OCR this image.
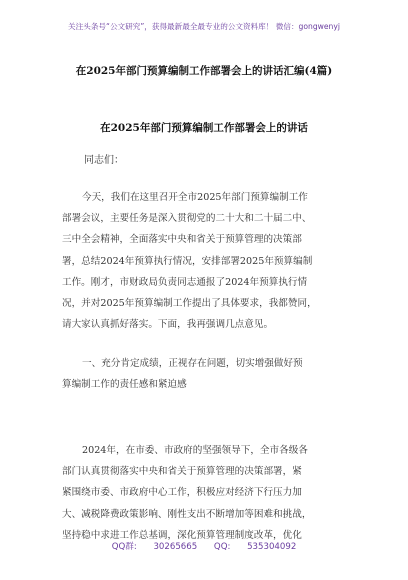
关注头条号“公文研究”，获得最新最全最专业的公文资料库！ 微信：gongwenyj
在2025年部门预算编制工作部署会上的讲话汇编(4篇)
在2025年部门预算编制工作部署会上的讲话
同志们：
今天，我们在这里召开全市2025年部门预算编制工作
部署会议，主要任务是深入贯彻党的二十大和二十届二中、
三中全会精神，全面落实中央和省关于预算管理的决策部
署，总结2024年预算执行情况，安排部署2025年预算编制
工作。刚才，市财政局负责同志通报了2024年预算执行情
况，并对2025年预算编制工作提出了具体要求，我都赞同，
请大家认真抓好落实。下面，我再强调几点意见。
一、充分肯定成绩，正视存在问题，切实增强做好预
算编制工作的责任感和紧迫感
2024年，在市委、市政府的坚强领导下，全市各级各
部门认真贯彻落实中央和省关于预算管理的决策部署，紧
紧围绕市委、市政府中心工作，积极应对经济下行压力加
大、减税降费政策影响、刚性支出不断增加等困难和挑战，
坚持稳中求进工作总基调，深化预算管理制度改革，优化
QQ群: 30265665 QQ: 535304092
